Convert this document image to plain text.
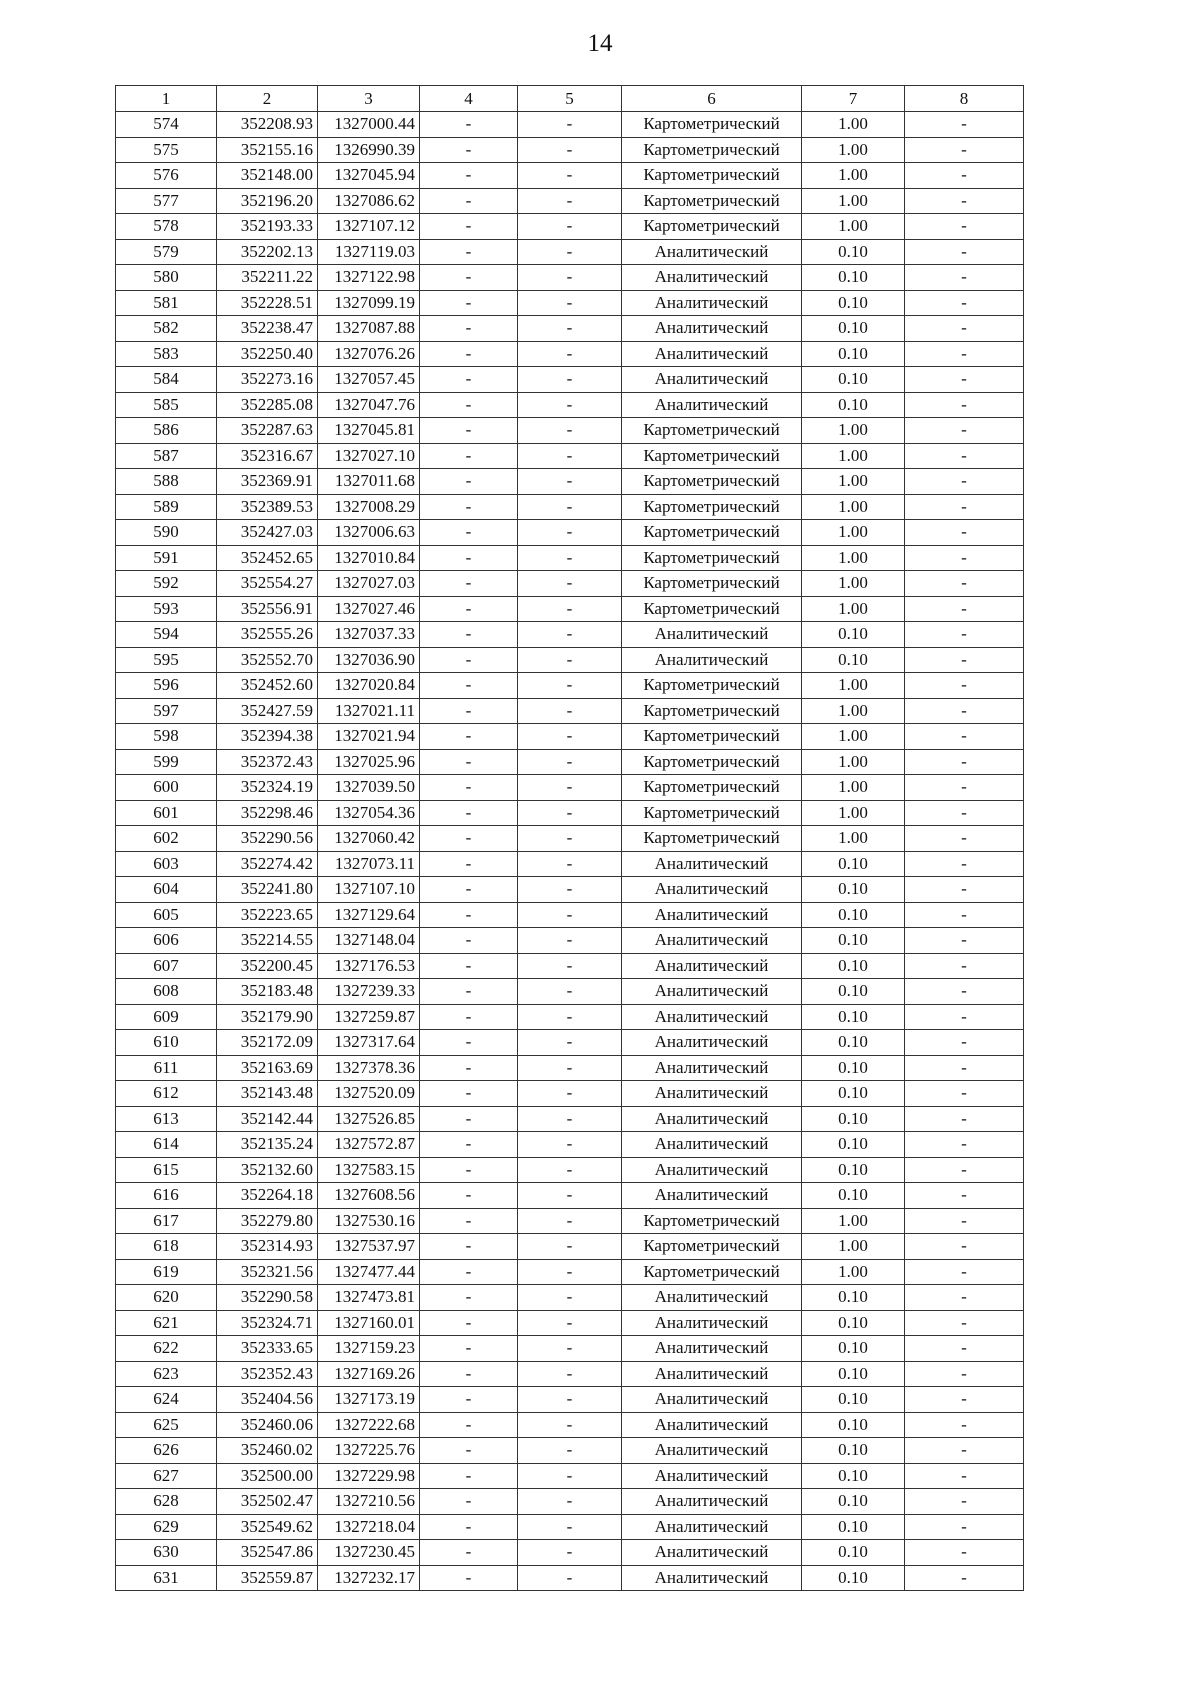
14
1	2	3	4	5	6	7	8
574	352208.93	1327000.44	-	-	Картометрический	1.00	-
575	352155.16	1326990.39	-	-	Картометрический	1.00	-
576	352148.00	1327045.94	-	-	Картометрический	1.00	-
577	352196.20	1327086.62	-	-	Картометрический	1.00	-
578	352193.33	1327107.12	-	-	Картометрический	1.00	-
579	352202.13	1327119.03	-	-	Аналитический	0.10	-
580	352211.22	1327122.98	-	-	Аналитический	0.10	-
581	352228.51	1327099.19	-	-	Аналитический	0.10	-
582	352238.47	1327087.88	-	-	Аналитический	0.10	-
583	352250.40	1327076.26	-	-	Аналитический	0.10	-
584	352273.16	1327057.45	-	-	Аналитический	0.10	-
585	352285.08	1327047.76	-	-	Аналитический	0.10	-
586	352287.63	1327045.81	-	-	Картометрический	1.00	-
587	352316.67	1327027.10	-	-	Картометрический	1.00	-
588	352369.91	1327011.68	-	-	Картометрический	1.00	-
589	352389.53	1327008.29	-	-	Картометрический	1.00	-
590	352427.03	1327006.63	-	-	Картометрический	1.00	-
591	352452.65	1327010.84	-	-	Картометрический	1.00	-
592	352554.27	1327027.03	-	-	Картометрический	1.00	-
593	352556.91	1327027.46	-	-	Картометрический	1.00	-
594	352555.26	1327037.33	-	-	Аналитический	0.10	-
595	352552.70	1327036.90	-	-	Аналитический	0.10	-
596	352452.60	1327020.84	-	-	Картометрический	1.00	-
597	352427.59	1327021.11	-	-	Картометрический	1.00	-
598	352394.38	1327021.94	-	-	Картометрический	1.00	-
599	352372.43	1327025.96	-	-	Картометрический	1.00	-
600	352324.19	1327039.50	-	-	Картометрический	1.00	-
601	352298.46	1327054.36	-	-	Картометрический	1.00	-
602	352290.56	1327060.42	-	-	Картометрический	1.00	-
603	352274.42	1327073.11	-	-	Аналитический	0.10	-
604	352241.80	1327107.10	-	-	Аналитический	0.10	-
605	352223.65	1327129.64	-	-	Аналитический	0.10	-
606	352214.55	1327148.04	-	-	Аналитический	0.10	-
607	352200.45	1327176.53	-	-	Аналитический	0.10	-
608	352183.48	1327239.33	-	-	Аналитический	0.10	-
609	352179.90	1327259.87	-	-	Аналитический	0.10	-
610	352172.09	1327317.64	-	-	Аналитический	0.10	-
611	352163.69	1327378.36	-	-	Аналитический	0.10	-
612	352143.48	1327520.09	-	-	Аналитический	0.10	-
613	352142.44	1327526.85	-	-	Аналитический	0.10	-
614	352135.24	1327572.87	-	-	Аналитический	0.10	-
615	352132.60	1327583.15	-	-	Аналитический	0.10	-
616	352264.18	1327608.56	-	-	Аналитический	0.10	-
617	352279.80	1327530.16	-	-	Картометрический	1.00	-
618	352314.93	1327537.97	-	-	Картометрический	1.00	-
619	352321.56	1327477.44	-	-	Картометрический	1.00	-
620	352290.58	1327473.81	-	-	Аналитический	0.10	-
621	352324.71	1327160.01	-	-	Аналитический	0.10	-
622	352333.65	1327159.23	-	-	Аналитический	0.10	-
623	352352.43	1327169.26	-	-	Аналитический	0.10	-
624	352404.56	1327173.19	-	-	Аналитический	0.10	-
625	352460.06	1327222.68	-	-	Аналитический	0.10	-
626	352460.02	1327225.76	-	-	Аналитический	0.10	-
627	352500.00	1327229.98	-	-	Аналитический	0.10	-
628	352502.47	1327210.56	-	-	Аналитический	0.10	-
629	352549.62	1327218.04	-	-	Аналитический	0.10	-
630	352547.86	1327230.45	-	-	Аналитический	0.10	-
631	352559.87	1327232.17	-	-	Аналитический	0.10	-
